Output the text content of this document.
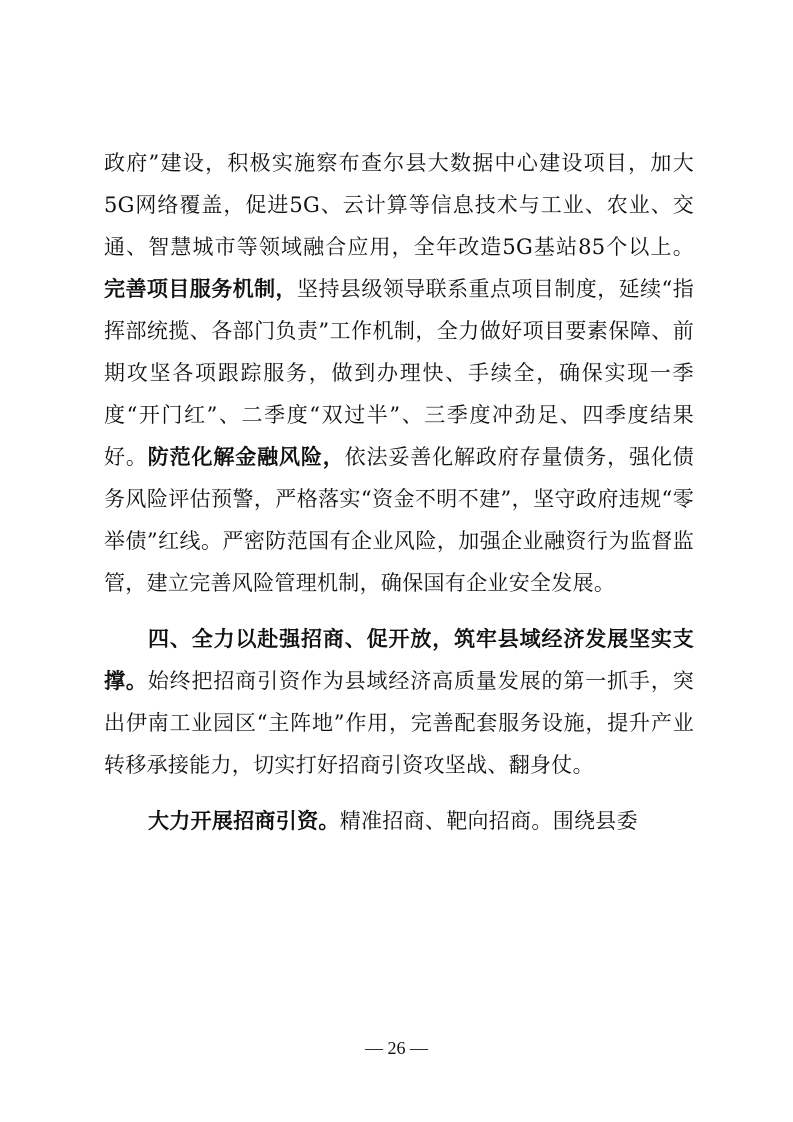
政府”建设，积极实施察布查尔县大数据中心建设项目，加大5G网络覆盖，促进5G、云计算等信息技术与工业、农业、交通、智慧城市等领域融合应用，全年改造5G基站85个以上。完善项目服务机制，坚持县级领导联系重点项目制度，延续“指挥部统揽、各部门负责”工作机制，全力做好项目要素保障、前期攻坚各项跟踪服务，做到办理快、手续全，确保实现一季度“开门红”、二季度“双过半”、三季度冲劲足、四季度结果好。防范化解金融风险，依法妥善化解政府存量债务，强化债务风险评估预警，严格落实“资金不明不建”，坚守政府违规“零举债”红线。严密防范国有企业风险，加强企业融资行为监督监管，建立完善风险管理机制，确保国有企业安全发展。

四、全力以赴强招商、促开放，筑牢县域经济发展坚实支撑。始终把招商引资作为县域经济高质量发展的第一抓手，突出伊南工业园区“主阵地”作用，完善配套服务设施，提升产业转移承接能力，切实打好招商引资攻坚战、翻身仗。

大力开展招商引资。精准招商、靶向招商。围绕县委

— 26 —
